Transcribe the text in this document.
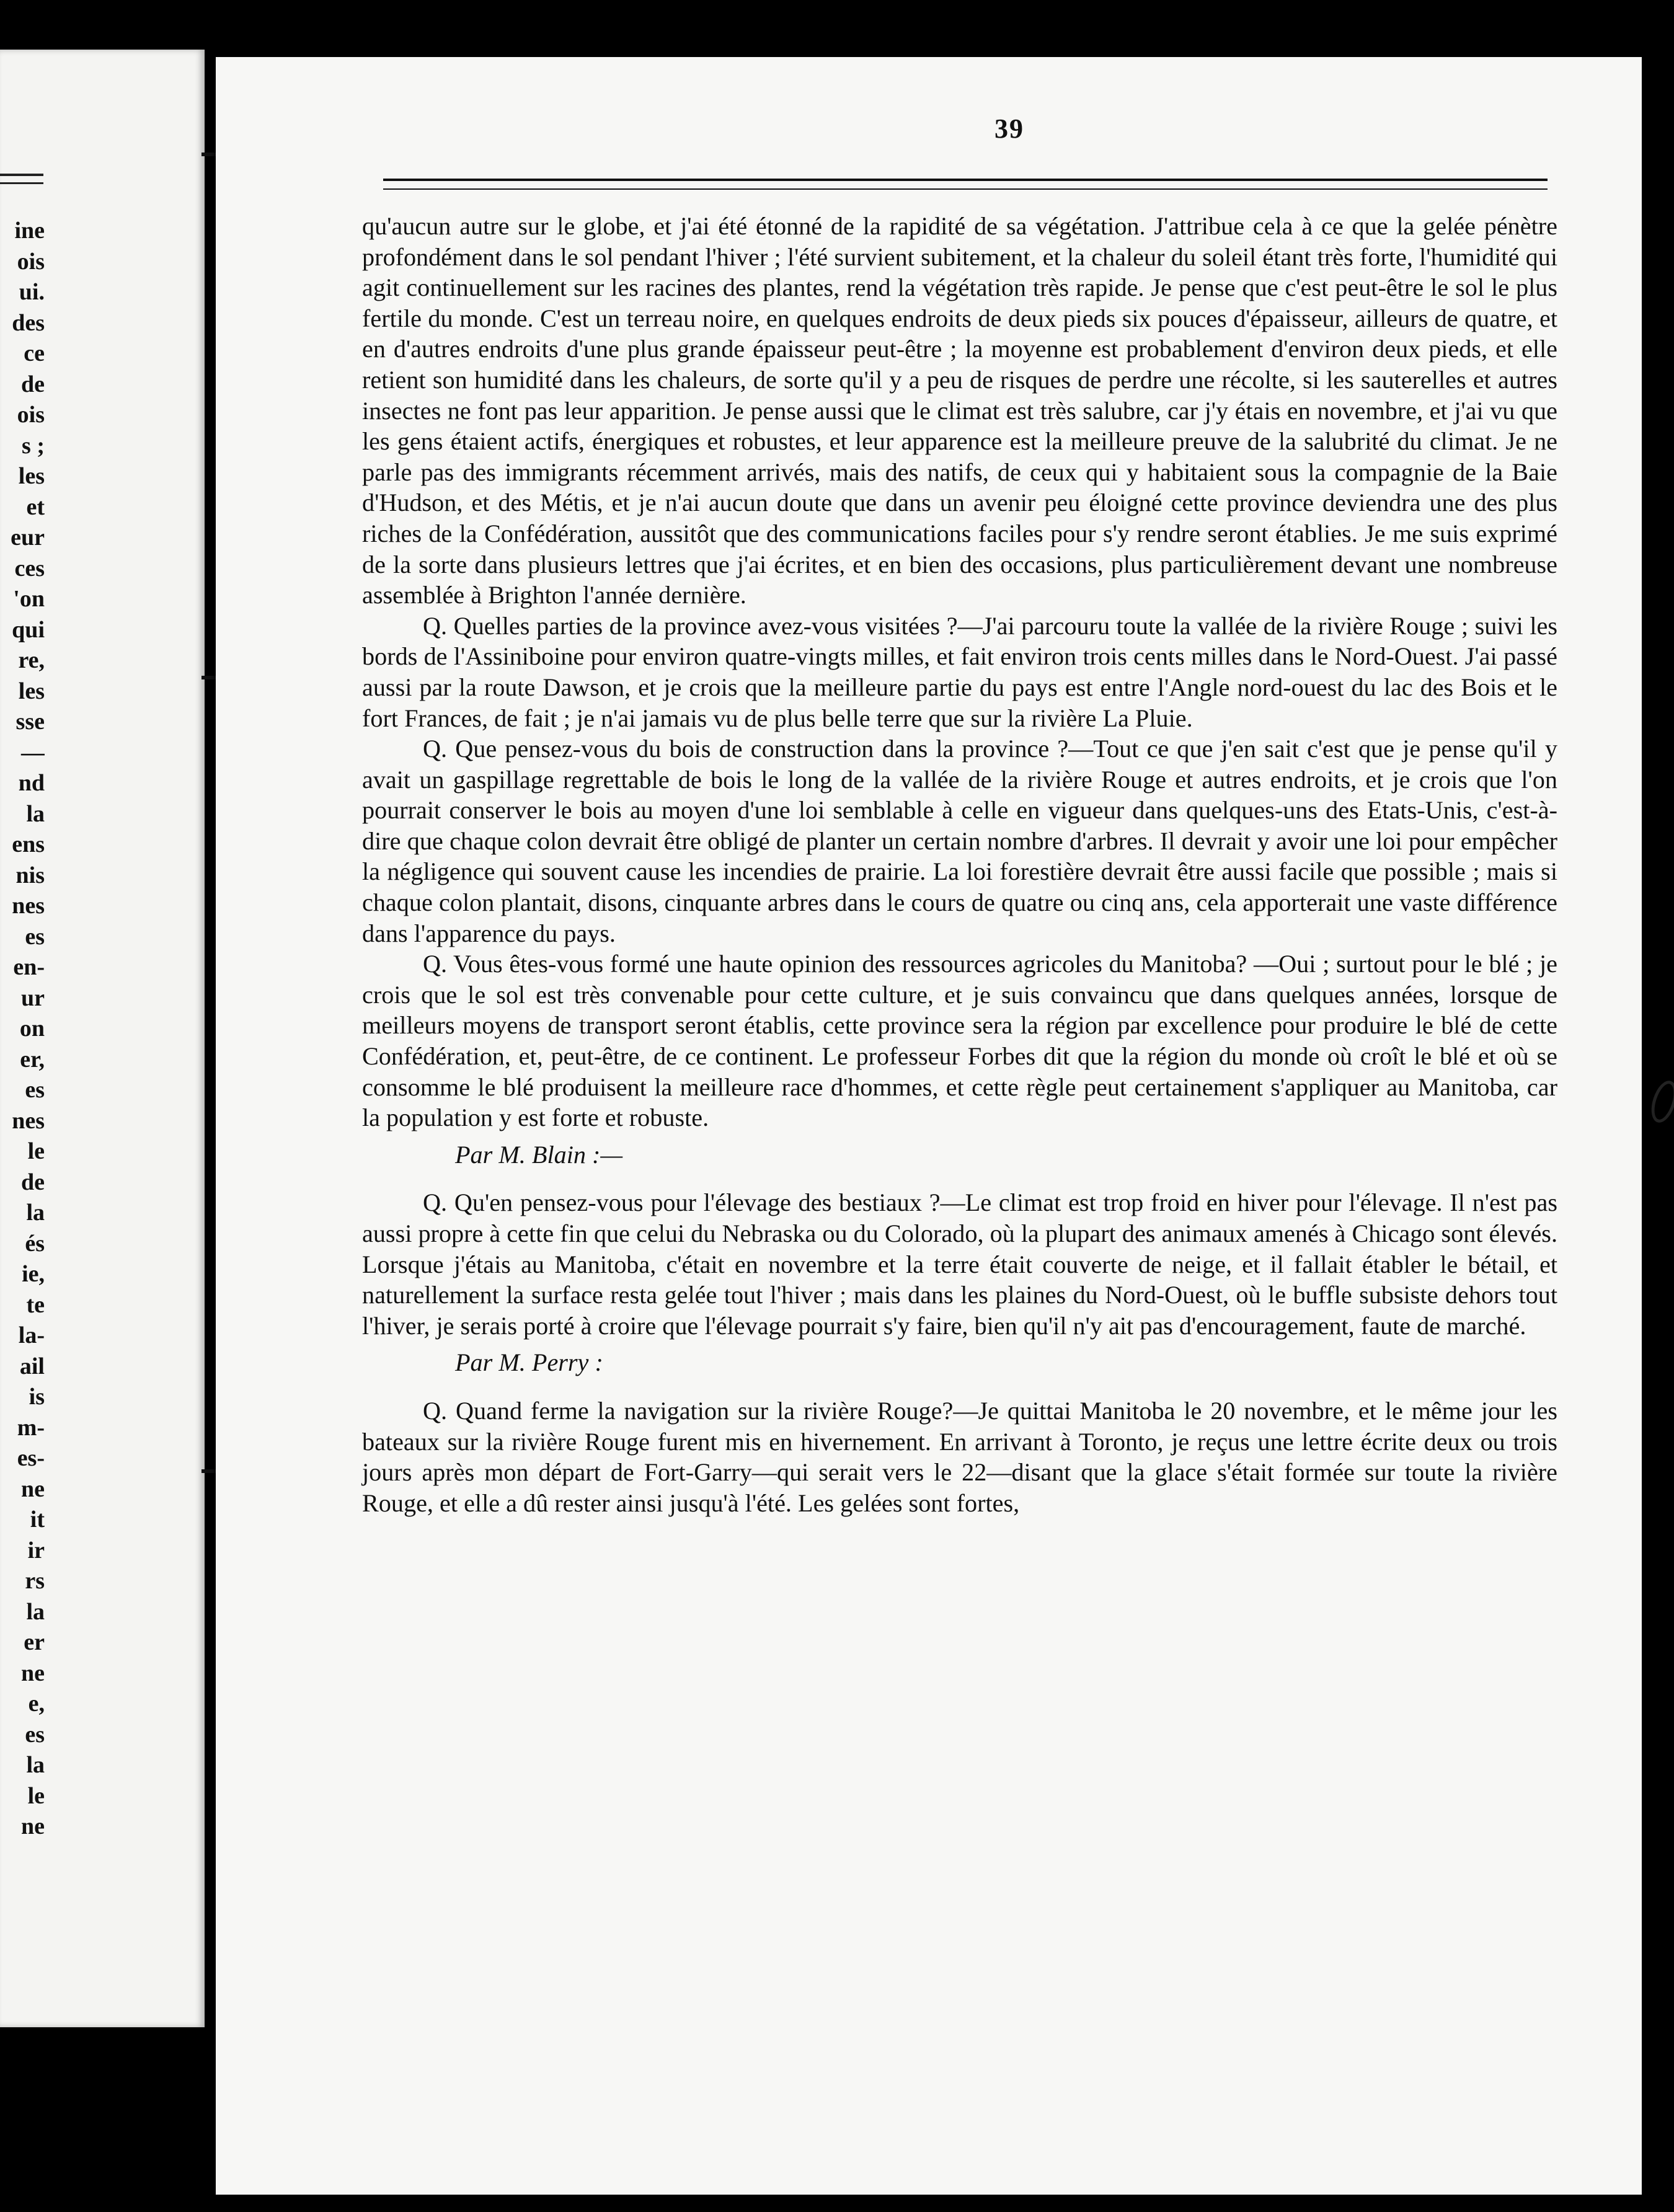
ine
ois
ui.
des
ce
de
ois
s ;
les
et
eur
ces
'on
qui
re,
les
sse
—
nd
la
ens
nis
nes
es
en-
ur
on
er,
es
nes
le
de
la
és
ie,
te
la-
ail
is
m-
es-
ne
it
ir
rs
la
er
ne
e,
es
la
le
ne
39

qu'aucun autre sur le globe, et j'ai été étonné de la rapidité de sa végétation. J'attribue cela à ce que la gelée pénètre profondément dans le sol pendant l'hiver ; l'été survient subitement, et la chaleur du soleil étant très forte, l'humidité qui agit continuellement sur les racines des plantes, rend la végétation très rapide. Je pense que c'est peut-être le sol le plus fertile du monde. C'est un terreau noire, en quelques endroits de deux pieds six pouces d'épaisseur, ailleurs de quatre, et en d'autres endroits d'une plus grande épaisseur peut-être ; la moyenne est probablement d'environ deux pieds, et elle retient son humidité dans les chaleurs, de sorte qu'il y a peu de risques de perdre une récolte, si les sauterelles et autres insectes ne font pas leur apparition. Je pense aussi que le climat est très salubre, car j'y étais en novembre, et j'ai vu que les gens étaient actifs, énergiques et robustes, et leur apparence est la meilleure preuve de la salubrité du climat. Je ne parle pas des immigrants récemment arrivés, mais des natifs, de ceux qui y habitaient sous la compagnie de la Baie d'Hudson, et des Métis, et je n'ai aucun doute que dans un avenir peu éloigné cette province deviendra une des plus riches de la Confédération, aussitôt que des communications faciles pour s'y rendre seront établies. Je me suis exprimé de la sorte dans plusieurs lettres que j'ai écrites, et en bien des occasions, plus particulièrement devant une nombreuse assemblée à Brighton l'année dernière.

Q. Quelles parties de la province avez-vous visitées ?—J'ai parcouru toute la vallée de la rivière Rouge ; suivi les bords de l'Assiniboine pour environ quatre-vingts milles, et fait environ trois cents milles dans le Nord-Ouest. J'ai passé aussi par la route Dawson, et je crois que la meilleure partie du pays est entre l'Angle nord-ouest du lac des Bois et le fort Frances, de fait ; je n'ai jamais vu de plus belle terre que sur la rivière La Pluie.

Q. Que pensez-vous du bois de construction dans la province ?—Tout ce que j'en sait c'est que je pense qu'il y avait un gaspillage regrettable de bois le long de la vallée de la rivière Rouge et autres endroits, et je crois que l'on pourrait conserver le bois au moyen d'une loi semblable à celle en vigueur dans quelques-uns des Etats-Unis, c'est-à-dire que chaque colon devrait être obligé de planter un certain nombre d'arbres. Il devrait y avoir une loi pour empêcher la négligence qui souvent cause les incendies de prairie. La loi forestière devrait être aussi facile que possible ; mais si chaque colon plantait, disons, cinquante arbres dans le cours de quatre ou cinq ans, cela apporterait une vaste différence dans l'apparence du pays.

Q. Vous êtes-vous formé une haute opinion des ressources agricoles du Manitoba? —Oui ; surtout pour le blé ; je crois que le sol est très convenable pour cette culture, et je suis convaincu que dans quelques années, lorsque de meilleurs moyens de transport seront établis, cette province sera la région par excellence pour produire le blé de cette Confédération, et, peut-être, de ce continent. Le professeur Forbes dit que la région du monde où croît le blé et où se consomme le blé produisent la meilleure race d'hommes, et cette règle peut certainement s'appliquer au Manitoba, car la population y est forte et robuste.

Par M. Blain :—

Q. Qu'en pensez-vous pour l'élevage des bestiaux ?—Le climat est trop froid en hiver pour l'élevage. Il n'est pas aussi propre à cette fin que celui du Nebraska ou du Colorado, où la plupart des animaux amenés à Chicago sont élevés. Lorsque j'étais au Manitoba, c'était en novembre et la terre était couverte de neige, et il fallait établer le bétail, et naturellement la surface resta gelée tout l'hiver ; mais dans les plaines du Nord-Ouest, où le buffle subsiste dehors tout l'hiver, je serais porté à croire que l'élevage pourrait s'y faire, bien qu'il n'y ait pas d'encouragement, faute de marché.

Par M. Perry :

Q. Quand ferme la navigation sur la rivière Rouge?—Je quittai Manitoba le 20 novembre, et le même jour les bateaux sur la rivière Rouge furent mis en hivernement. En arrivant à Toronto, je reçus une lettre écrite deux ou trois jours après mon départ de Fort-Garry—qui serait vers le 22—disant que la glace s'était formée sur toute la rivière Rouge, et elle a dû rester ainsi jusqu'à l'été. Les gelées sont fortes,
